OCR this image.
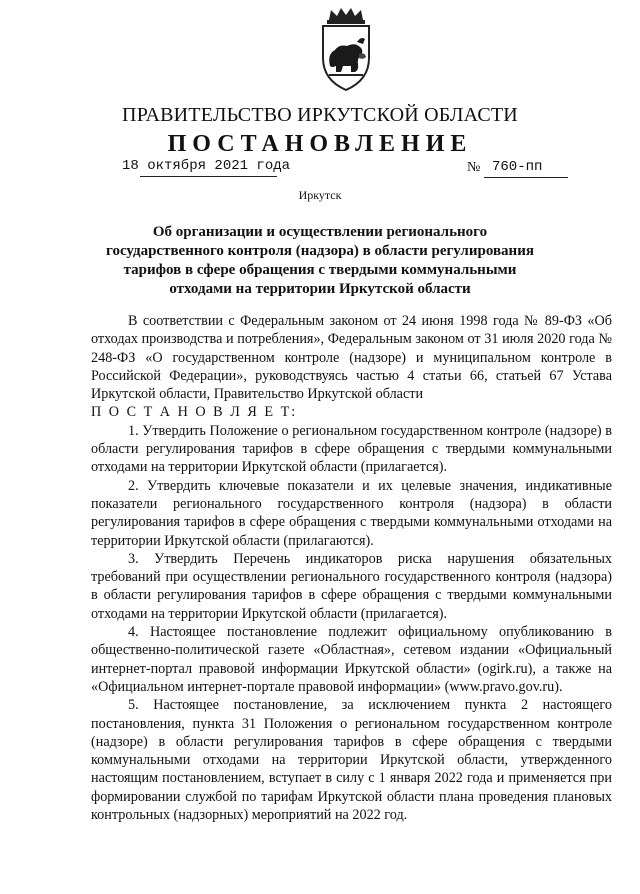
ПРАВИТЕЛЬСТВО ИРКУТСКОЙ ОБЛАСТИ
ПОСТАНОВЛЕНИЕ
18 октября 2021 года	№ 760-пп
Иркутск
Об организации и осуществлении регионального государственного контроля (надзора) в области регулирования тарифов в сфере обращения с твердыми коммунальными отходами на территории Иркутской области

В соответствии с Федеральным законом от 24 июня 1998 года № 89-ФЗ «Об отходах производства и потребления», Федеральным законом от 31 июля 2020 года № 248-ФЗ «О государственном контроле (надзоре) и муниципальном контроле в Российской Федерации», руководствуясь частью 4 статьи 66, статьей 67 Устава Иркутской области, Правительство Иркутской области

П О С Т А Н О В Л Я Е Т:

1. Утвердить Положение о региональном государственном контроле (надзоре) в области регулирования тарифов в сфере обращения с твердыми коммунальными отходами на территории Иркутской области (прилагается).

2. Утвердить ключевые показатели и их целевые значения, индикативные показатели регионального государственного контроля (надзора) в области регулирования тарифов в сфере обращения с твердыми коммунальными отходами на территории Иркутской области (прилагаются).

3. Утвердить Перечень индикаторов риска нарушения обязательных требований при осуществлении регионального государственного контроля (надзора) в области регулирования тарифов в сфере обращения с твердыми коммунальными отходами на территории Иркутской области (прилагается).

4. Настоящее постановление подлежит официальному опубликованию в общественно-политической газете «Областная», сетевом издании «Официальный интернет-портал правовой информации Иркутской области» (ogirk.ru), а также на «Официальном интернет-портале правовой информации» (www.pravo.gov.ru).

5. Настоящее постановление, за исключением пункта 2 настоящего постановления, пункта 31 Положения о региональном государственном контроле (надзоре) в области регулирования тарифов в сфере обращения с твердыми коммунальными отходами на территории Иркутской области, утвержденного настоящим постановлением, вступает в силу с 1 января 2022 года и применяется при формировании службой по тарифам Иркутской области плана проведения плановых контрольных (надзорных) мероприятий на 2022 год.
